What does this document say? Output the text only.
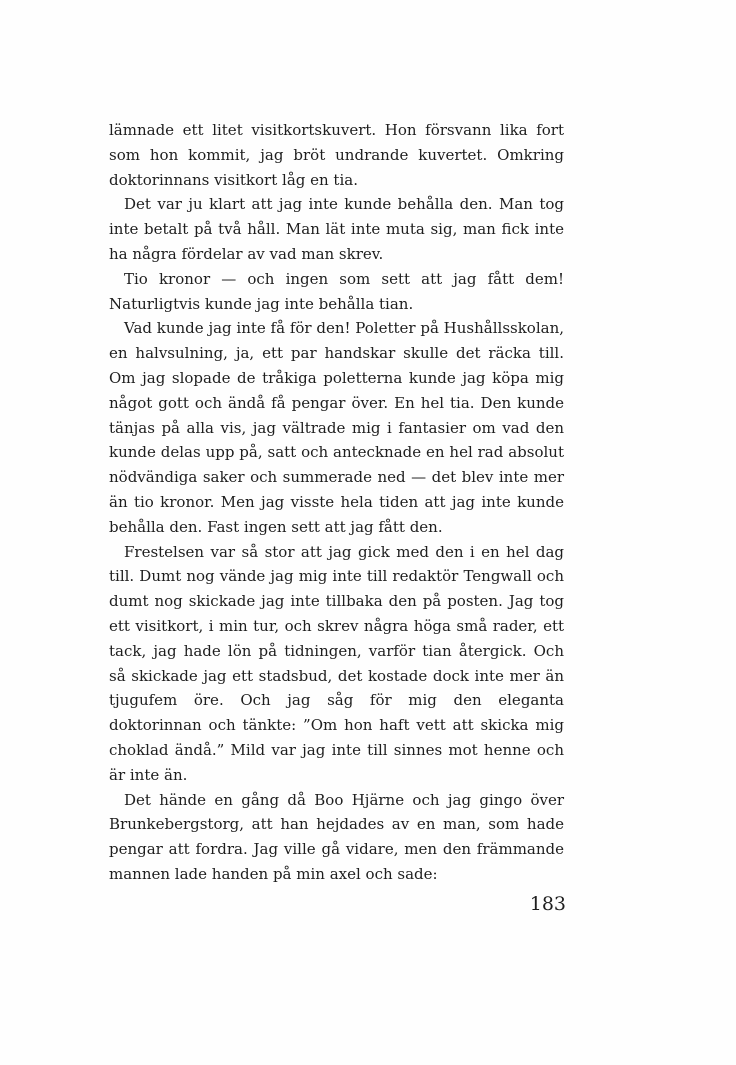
lämnade ett litet visitkortskuvert. Hon försvann lika fort som hon kommit, jag bröt undrande kuvertet. Omkring doktorinnans visitkort låg en tia.

Det var ju klart att jag inte kunde behålla den. Man tog inte betalt på två håll. Man lät inte muta sig, man fick inte ha några fördelar av vad man skrev.

Tio kronor — och ingen som sett att jag fått dem! Naturligtvis kunde jag inte behålla tian.

Vad kunde jag inte få för den! Poletter på Hushållsskolan, en halvsulning, ja, ett par handskar skulle det räcka till. Om jag slopade de tråkiga poletterna kunde jag köpa mig något gott och ändå få pengar över. En hel tia. Den kunde tänjas på alla vis, jag vältrade mig i fantasier om vad den kunde delas upp på, satt och antecknade en hel rad absolut nödvändiga saker och summerade ned — det blev inte mer än tio kronor. Men jag visste hela tiden att jag inte kunde behålla den. Fast ingen sett att jag fått den.

Frestelsen var så stor att jag gick med den i en hel dag till. Dumt nog vände jag mig inte till redaktör Tengwall och dumt nog skickade jag inte tillbaka den på posten. Jag tog ett visitkort, i min tur, och skrev några höga små rader, ett tack, jag hade lön på tidningen, varför tian återgick. Och så skickade jag ett stadsbud, det kostade dock inte mer än tjugufem öre. Och jag såg för mig den eleganta doktorinnan och tänkte: ”Om hon haft vett att skicka mig choklad ändå.” Mild var jag inte till sinnes mot henne och är inte än.

Det hände en gång då Boo Hjärne och jag gingo över Brunkebergstorg, att han hejdades av en man, som hade pengar att fordra. Jag ville gå vidare, men den främmande mannen lade handen på min axel och sade:

183
